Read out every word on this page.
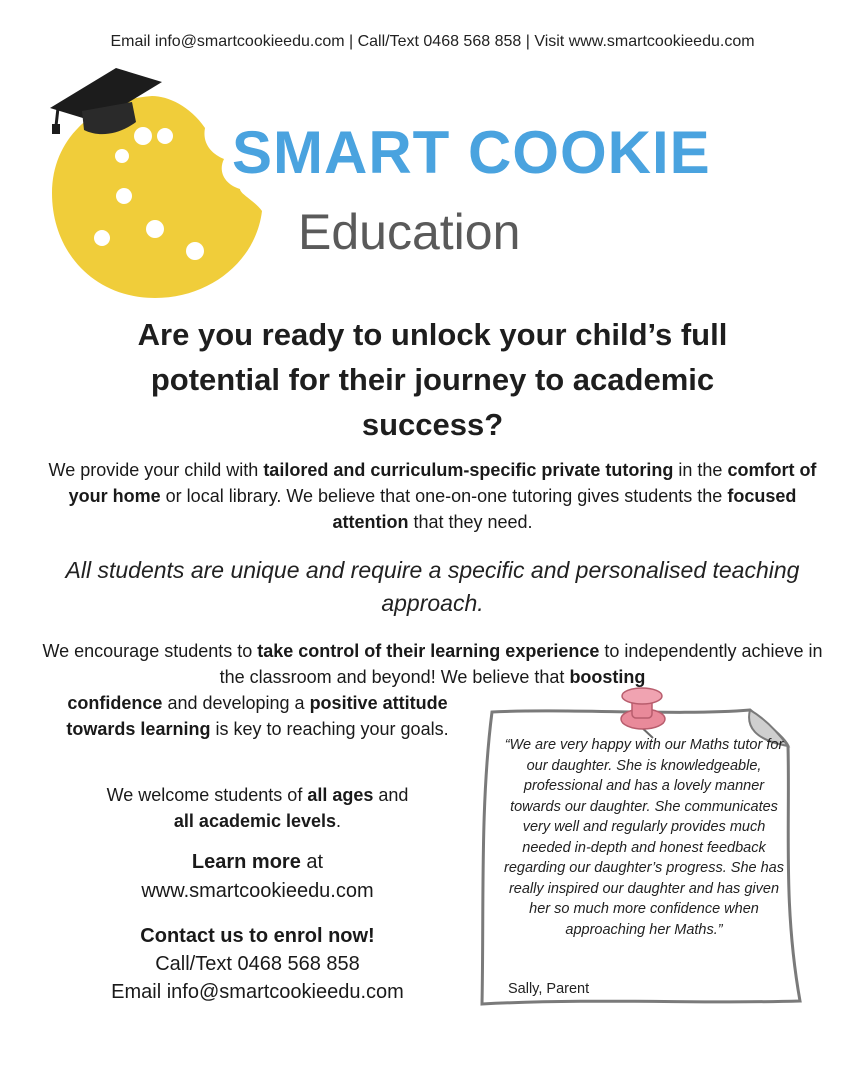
Email info@smartcookieedu.com | Call/Text 0468 568 858 | Visit www.smartcookieedu.com
SMART COOKIE
Education
Are you ready to unlock your child’s full potential for their journey to academic success?
We provide your child with tailored and curriculum-specific private tutoring in the comfort of your home or local library. We believe that one-on-one tutoring gives students the focused attention that they need.
All students are unique and require a specific and personalised teaching approach.
We encourage students to take control of their learning experience to independently achieve in the classroom and beyond! We believe that boosting
confidence and developing a positive attitude towards learning is key to reaching your goals.
We welcome students of all ages and
all academic levels.
Learn more at
www.smartcookieedu.com
Contact us to enrol now!
Call/Text 0468 568 858
Email info@smartcookieedu.com
“We are very happy with our Maths tutor for our daughter. She is knowledgeable, professional and has a lovely manner towards our daughter. She communicates very well and regularly provides much needed in-depth and honest feedback regarding our daughter’s progress. She has really inspired our daughter and has given her so much more confidence when approaching her Maths.”
Sally, Parent
